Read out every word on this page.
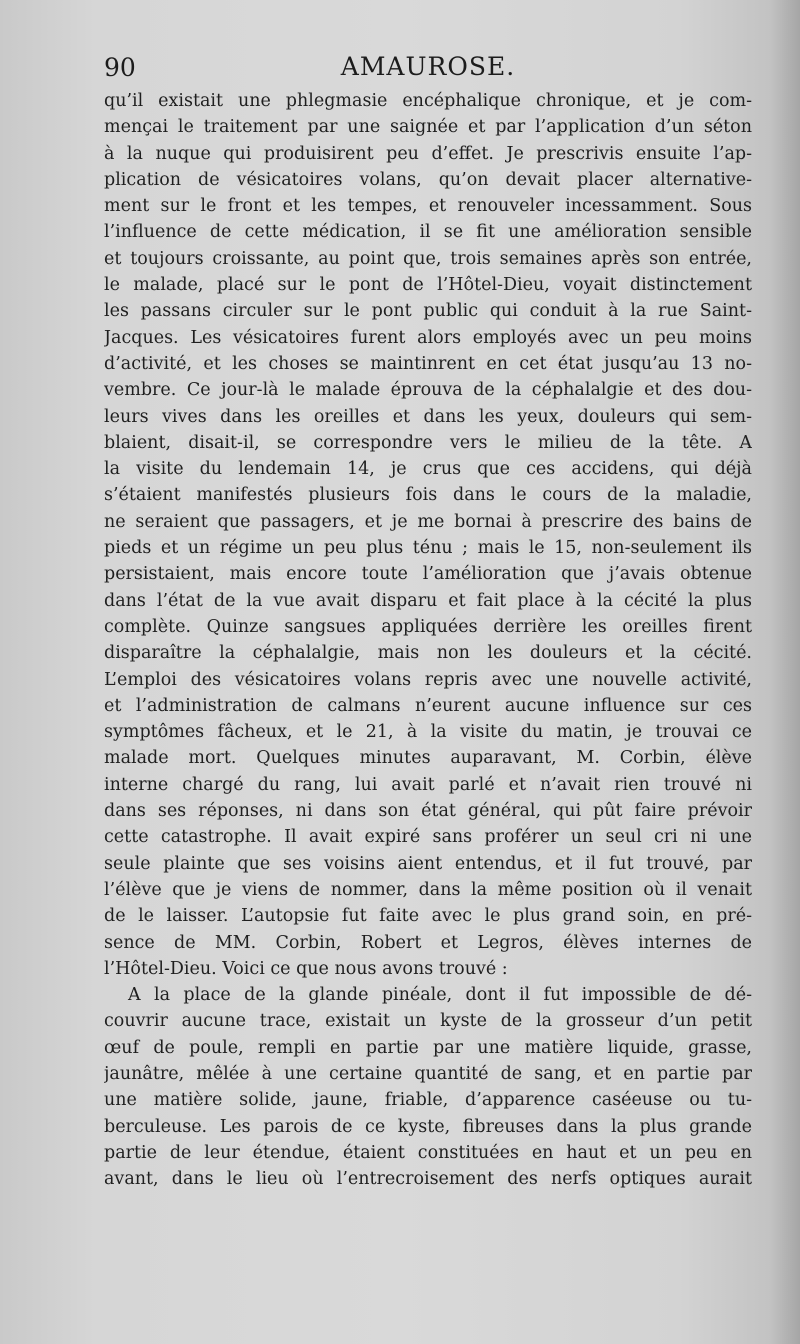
90	AMAUROSE.
qu’il existait une phlegmasie encéphalique chronique, et je com-
mençai le traitement par une saignée et par l’application d’un séton
à la nuque qui produisirent peu d’effet. Je prescrivis ensuite l’ap-
plication de vésicatoires volans, qu’on devait placer alternative-
ment sur le front et les tempes, et renouveler incessamment. Sous
l’influence de cette médication, il se fit une amélioration sensible
et toujours croissante, au point que, trois semaines après son entrée,
le malade, placé sur le pont de l’Hôtel-Dieu, voyait distinctement
les passans circuler sur le pont public qui conduit à la rue Saint-
Jacques. Les vésicatoires furent alors employés avec un peu moins
d’activité, et les choses se maintinrent en cet état jusqu’au 13 no-
vembre. Ce jour-là le malade éprouva de la céphalalgie et des dou-
leurs vives dans les oreilles et dans les yeux, douleurs qui sem-
blaient, disait-il, se correspondre vers le milieu de la tête. A
la visite du lendemain 14, je crus que ces accidens, qui déjà
s’étaient manifestés plusieurs fois dans le cours de la maladie,
ne seraient que passagers, et je me bornai à prescrire des bains de
pieds et un régime un peu plus ténu ; mais le 15, non-seulement ils
persistaient, mais encore toute l’amélioration que j’avais obtenue
dans l’état de la vue avait disparu et fait place à la cécité la plus
complète. Quinze sangsues appliquées derrière les oreilles firent
disparaître la céphalalgie, mais non les douleurs et la cécité.
L’emploi des vésicatoires volans repris avec une nouvelle activité,
et l’administration de calmans n’eurent aucune influence sur ces
symptômes fâcheux, et le 21, à la visite du matin, je trouvai ce
malade mort. Quelques minutes auparavant, M. Corbin, élève
interne chargé du rang, lui avait parlé et n’avait rien trouvé ni
dans ses réponses, ni dans son état général, qui pût faire prévoir
cette catastrophe. Il avait expiré sans proférer un seul cri ni une
seule plainte que ses voisins aient entendus, et il fut trouvé, par
l’élève que je viens de nommer, dans la même position où il venait
de le laisser. L’autopsie fut faite avec le plus grand soin, en pré-
sence de MM. Corbin, Robert et Legros, élèves internes de
l’Hôtel-Dieu. Voici ce que nous avons trouvé :
A la place de la glande pinéale, dont il fut impossible de dé-
couvrir aucune trace, existait un kyste de la grosseur d’un petit
œuf de poule, rempli en partie par une matière liquide, grasse,
jaunâtre, mêlée à une certaine quantité de sang, et en partie par
une matière solide, jaune, friable, d’apparence caséeuse ou tu-
berculeuse. Les parois de ce kyste, fibreuses dans la plus grande
partie de leur étendue, étaient constituées en haut et un peu en
avant, dans le lieu où l’entrecroisement des nerfs optiques aurait
